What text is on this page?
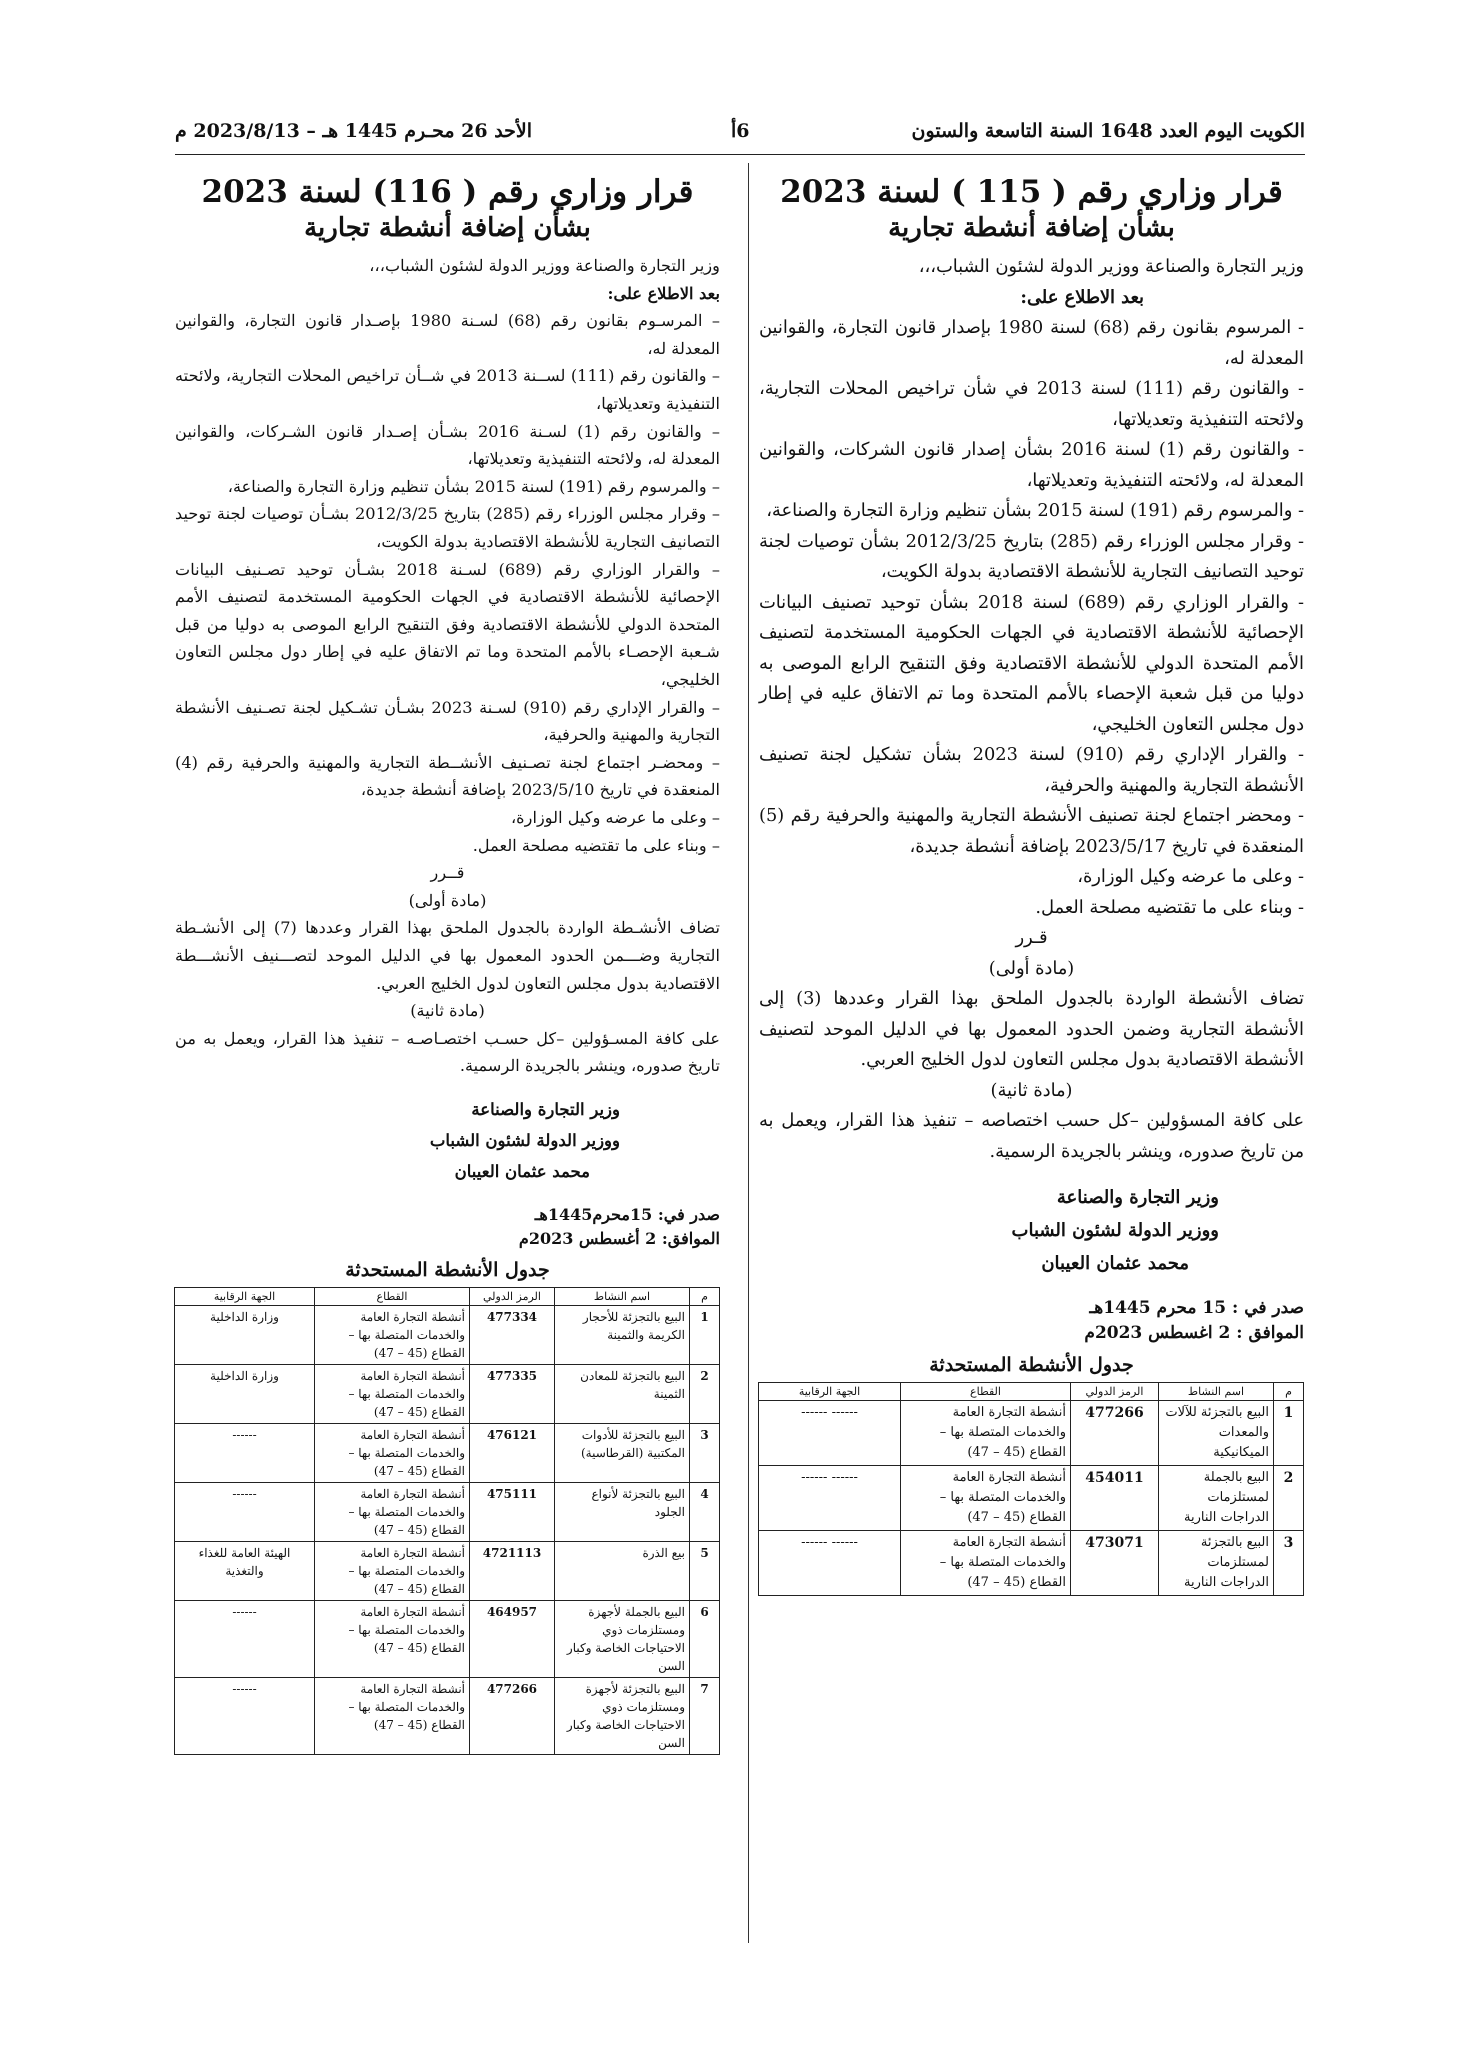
الكويت اليوم العدد 1648 السنة التاسعة والستون
6أ
الأحد 26 محـرم 1445 هـ – 2023/8/13 م
قرار وزاري رقم ( 115 ) لسنة 2023
بشأن إضافة أنشطة تجارية

وزير التجارة والصناعة ووزير الدولة لشئون الشباب،،،

بعد الاطلاع على:

- المرسوم بقانون رقم (68) لسنة 1980 بإصدار قانون التجارة، والقوانين المعدلة له،

- والقانون رقم (111) لسنة 2013 في شأن تراخيص المحلات التجارية، ولائحته التنفيذية وتعديلاتها،

- والقانون رقم (1) لسنة 2016 بشأن إصدار قانون الشركات، والقوانين المعدلة له، ولائحته التنفيذية وتعديلاتها،

- والمرسوم رقم (191) لسنة 2015 بشأن تنظيم وزارة التجارة والصناعة،

- وقرار مجلس الوزراء رقم (285) بتاريخ 2012/3/25 بشأن توصيات لجنة توحيد التصانيف التجارية للأنشطة الاقتصادية بدولة الكويت،

- والقرار الوزاري رقم (689) لسنة 2018 بشأن توحيد تصنيف البيانات الإحصائية للأنشطة الاقتصادية في الجهات الحكومية المستخدمة لتصنيف الأمم المتحدة الدولي للأنشطة الاقتصادية وفق التنقيح الرابع الموصى به دوليا من قبل شعبة الإحصاء بالأمم المتحدة وما تم الاتفاق عليه في إطار دول مجلس التعاون الخليجي،

- والقرار الإداري رقم (910) لسنة 2023 بشأن تشكيل لجنة تصنيف الأنشطة التجارية والمهنية والحرفية،

- ومحضر اجتماع لجنة تصنيف الأنشطة التجارية والمهنية والحرفية رقم (5) المنعقدة في تاريخ 2023/5/17 بإضافة أنشطة جديدة،

- وعلى ما عرضه وكيل الوزارة،

- وبناء على ما تقتضيه مصلحة العمل.

قـرر

(مادة أولى)

تضاف الأنشطة الواردة بالجدول الملحق بهذا القرار وعددها (3) إلى الأنشطة التجارية وضمن الحدود المعمول بها في الدليل الموحد لتصنيف الأنشطة الاقتصادية بدول مجلس التعاون لدول الخليج العربي.

(مادة ثانية)

على كافة المسؤولين –كل حسب اختصاصه – تنفيذ هذا القرار، ويعمل به من تاريخ صدوره، وينشر بالجريدة الرسمية.

وزير التجارة والصناعة

ووزير الدولة لشئون الشباب

محمد عثمان العيبان

صدر في : 15 محرم 1445هـ

الموافق : 2 اغسطس 2023م

جدول الأنشطة المستحدثة
م	اسم النشاط	الرمز الدولي	القطاع	الجهة الرقابية
1	البيع بالتجزئة للآلات والمعدات الميكانيكية	477266	أنشطة التجارة العامة والخدمات المتصلة بها – القطاع (45 – 47)	------ ------
2	البيع بالجملة لمستلزمات الدراجات النارية	454011	أنشطة التجارة العامة والخدمات المتصلة بها – القطاع (45 – 47)	------ ------
3	البيع بالتجزئة لمستلزمات الدراجات النارية	473071	أنشطة التجارة العامة والخدمات المتصلة بها – القطاع (45 – 47)	------ ------
قرار وزاري رقم ( 116) لسنة 2023
بشأن إضافة أنشطة تجارية

وزير التجارة والصناعة ووزير الدولة لشئون الشباب،،،

بعد الاطلاع على:

– المرسـوم بقانون رقم (68) لسـنة 1980 بإصـدار قانون التجارة، والقوانين المعدلة له،

– والقانون رقم (111) لســنة 2013 في شــأن تراخيص المحلات التجارية، ولائحته التنفيذية وتعديلاتها،

– والقانون رقم (1) لسـنة 2016 بشـأن إصـدار قانون الشـركات، والقوانين المعدلة له، ولائحته التنفيذية وتعديلاتها،

– والمرسوم رقم (191) لسنة 2015 بشأن تنظيم وزارة التجارة والصناعة،

– وقرار مجلس الوزراء رقم (285) بتاريخ 2012/3/25 بشـأن توصيات لجنة توحيد التصانيف التجارية للأنشطة الاقتصادية بدولة الكويت،

– والقرار الوزاري رقم (689) لسـنة 2018 بشـأن توحيد تصـنيف البيانات الإحصائية للأنشطة الاقتصادية في الجهات الحكومية المستخدمة لتصنيف الأمم المتحدة الدولي للأنشطة الاقتصادية وفق التنقيح الرابع الموصى به دوليا من قبل شـعبة الإحصـاء بالأمم المتحدة وما تم الاتفاق عليه في إطار دول مجلس التعاون الخليجي،

– والقرار الإداري رقم (910) لسـنة 2023 بشـأن تشـكيل لجنة تصـنيف الأنشطة التجارية والمهنية والحرفية،

– ومحضـر اجتماع لجنة تصـنيف الأنشــطة التجارية والمهنية والحرفية رقم (4) المنعقدة في تاريخ 2023/5/10 بإضافة أنشطة جديدة،

– وعلى ما عرضه وكيل الوزارة،

– وبناء على ما تقتضيه مصلحة العمل.

قــرر

(مادة أولى)

تضاف الأنشـطة الواردة بالجدول الملحق بهذا القرار وعددها (7) إلى الأنشـطة التجارية وضـــمن الحدود المعمول بها في الدليل الموحد لتصـــنيف الأنشـــطة الاقتصادية بدول مجلس التعاون لدول الخليج العربي.

(مادة ثانية)

على كافة المسـؤولين –كل حسـب اختصـاصـه – تنفيذ هذا القرار، ويعمل به من تاريخ صدوره، وينشر بالجريدة الرسمية.

وزير التجارة والصناعة

ووزير الدولة لشئون الشباب

محمد عثمان العيبان

صدر في: 15محرم1445هـ

الموافق: 2 أغسطس 2023م

جدول الأنشطة المستحدثة
م	اسم النشاط	الرمز الدولي	القطاع	الجهة الرقابية
1	البيع بالتجزئة للأحجار الكريمة والثمينة	477334	أنشطة التجارة العامة والخدمات المتصلة بها – القطاع (45 – 47)	وزارة الداخلية
2	البيع بالتجزئة للمعادن الثمينة	477335	أنشطة التجارة العامة والخدمات المتصلة بها – القطاع (45 – 47)	وزارة الداخلية
3	البيع بالتجزئة للأدوات المكتبية (القرطاسية)	476121	أنشطة التجارة العامة والخدمات المتصلة بها – القطاع (45 – 47)	------
4	البيع بالتجزئة لأنواع الجلود	475111	أنشطة التجارة العامة والخدمات المتصلة بها – القطاع (45 – 47)	------
5	بيع الذرة	4721113	أنشطة التجارة العامة والخدمات المتصلة بها – القطاع (45 – 47)	الهيئة العامة للغذاء والتغذية
6	البيع بالجملة لأجهزة ومستلزمات ذوي الاحتياجات الخاصة وكبار السن	464957	أنشطة التجارة العامة والخدمات المتصلة بها – القطاع (45 – 47)	------
7	البيع بالتجزئة لأجهزة ومستلزمات ذوي الاحتياجات الخاصة وكبار السن	477266	أنشطة التجارة العامة والخدمات المتصلة بها – القطاع (45 – 47)	------
